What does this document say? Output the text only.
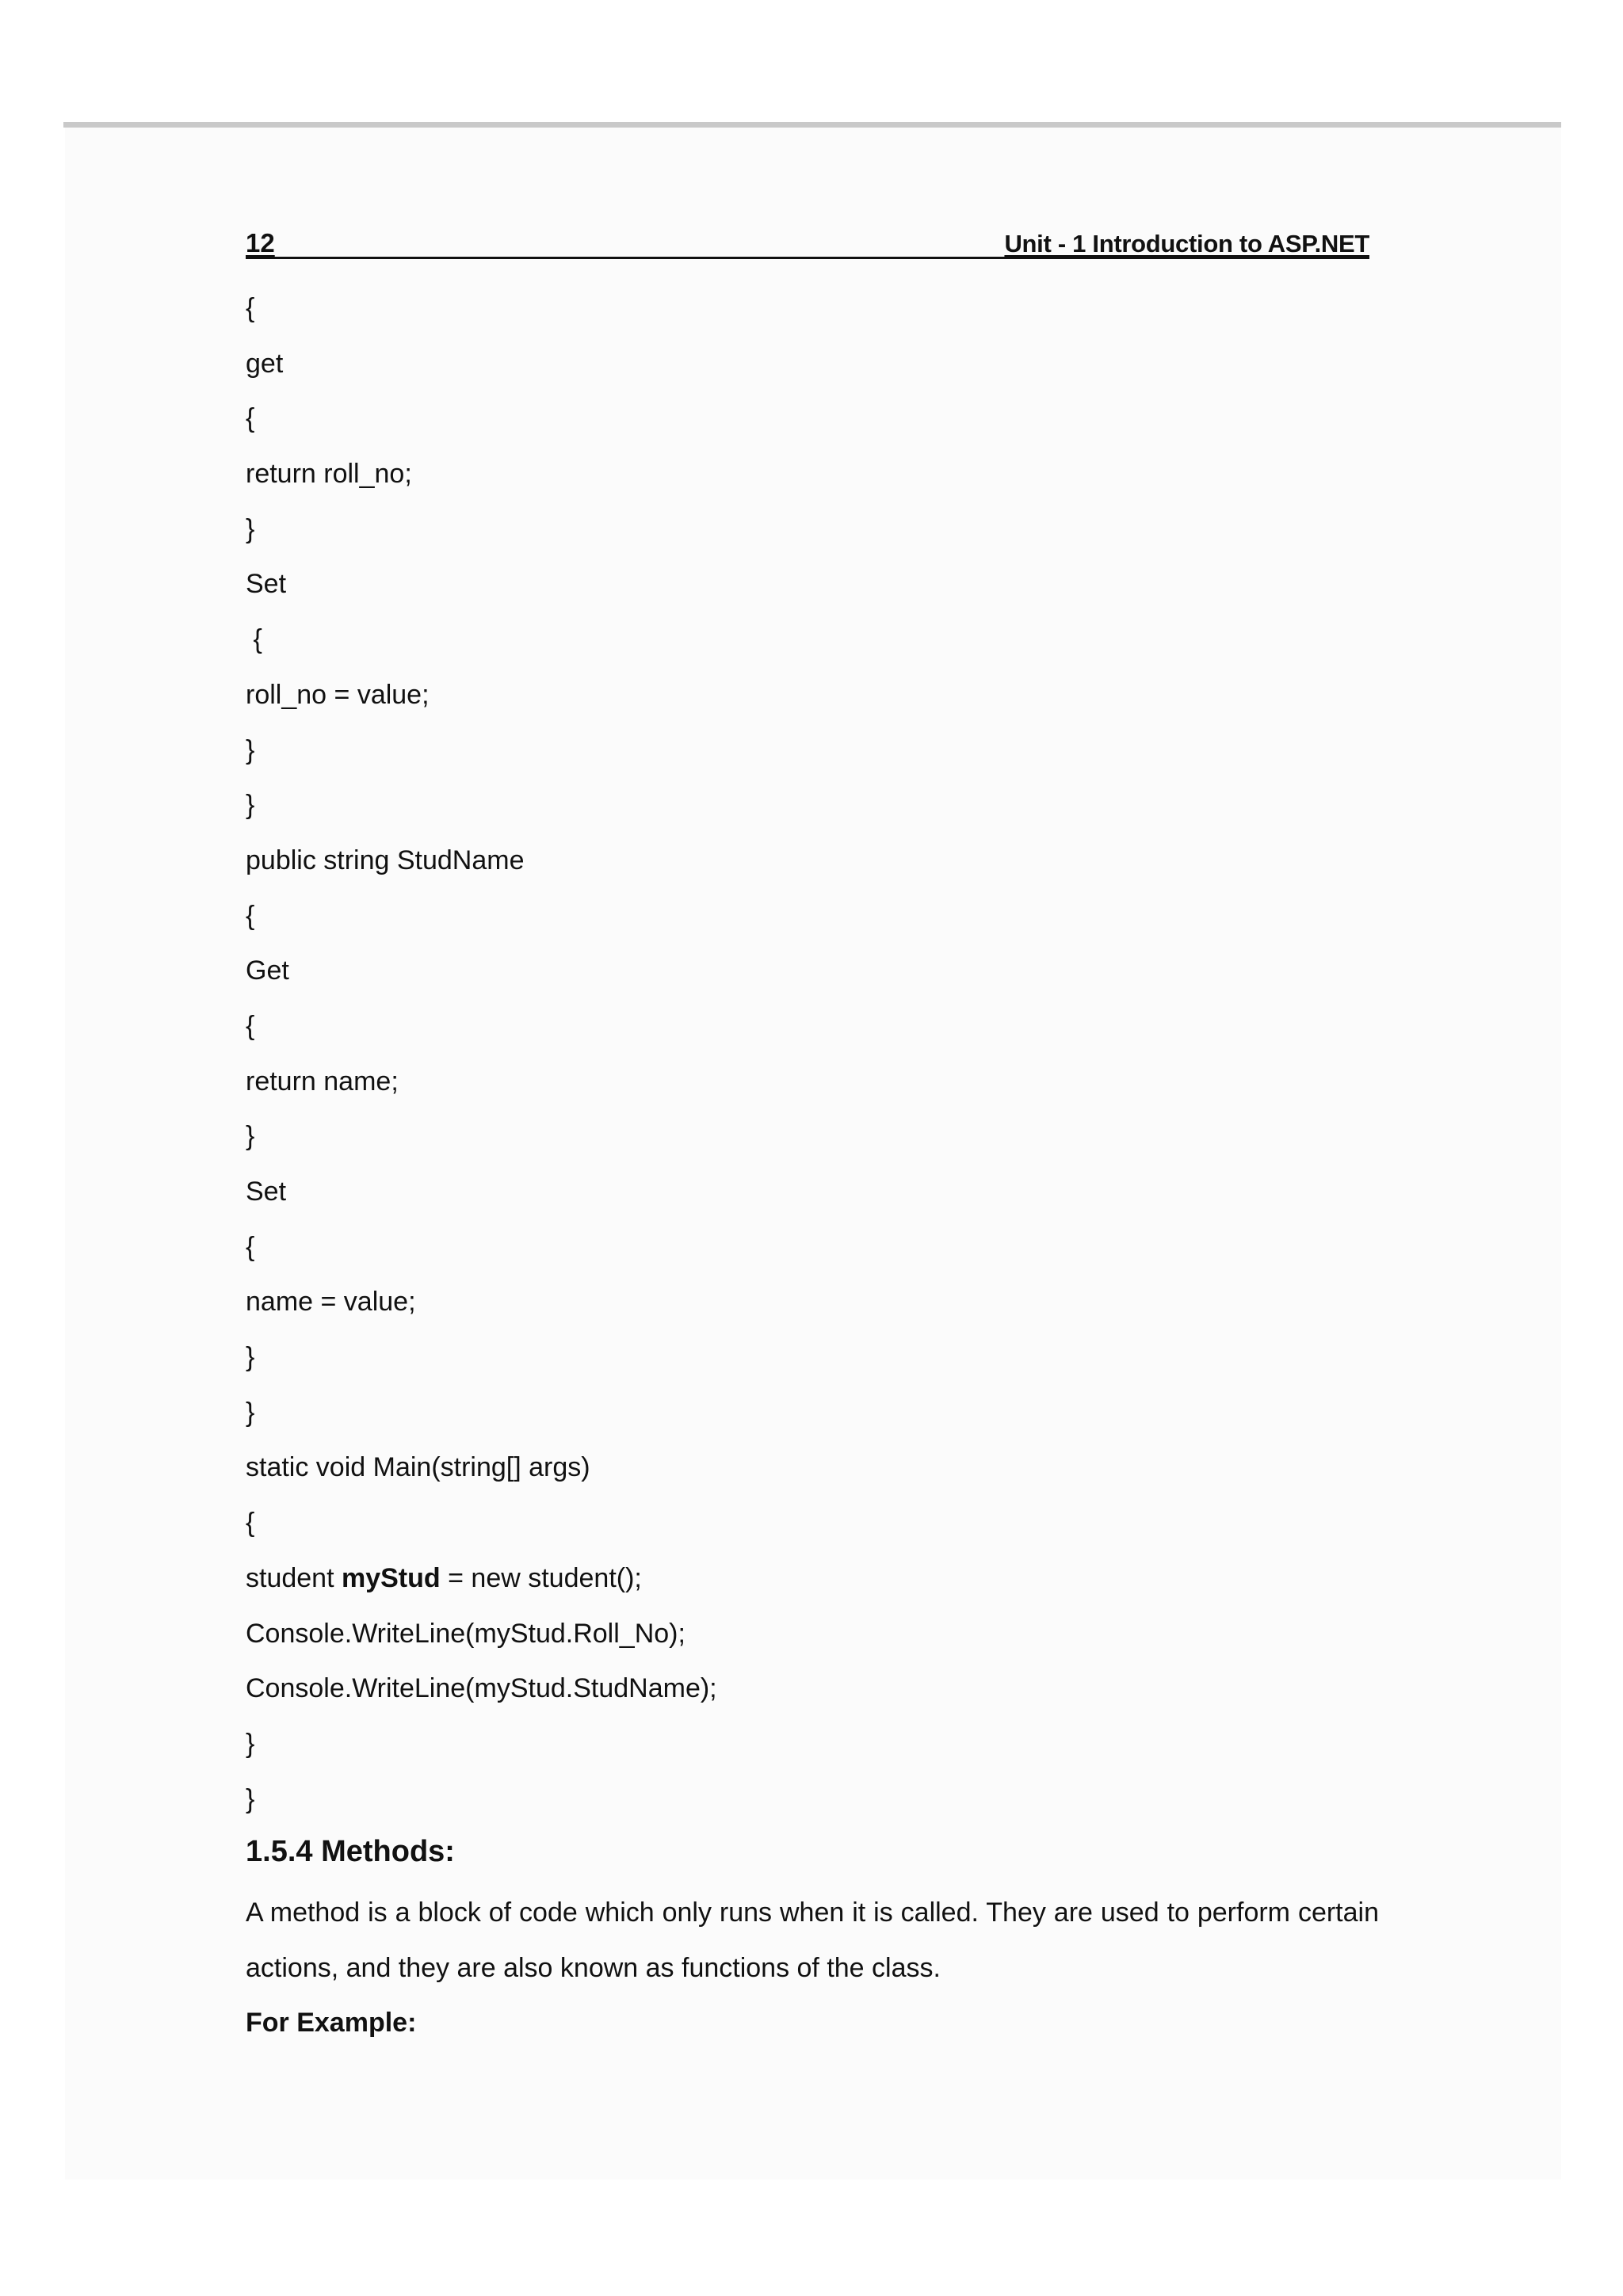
12	Unit - 1 Introduction to ASP.NET
{
get
{
return roll_no;
}
Set
{
roll_no = value;
}
}
public string StudName
{
Get
{
return name;
}
Set
{
name = value;
}
}
static void Main(string[] args)
{
student myStud = new student();
Console.WriteLine(myStud.Roll_No);
Console.WriteLine(myStud.StudName);
}
}
1.5.4 Methods:
A method is a block of code which only runs when it is called. They are used to perform certain actions, and they are also known as functions of the class.
For Example:
